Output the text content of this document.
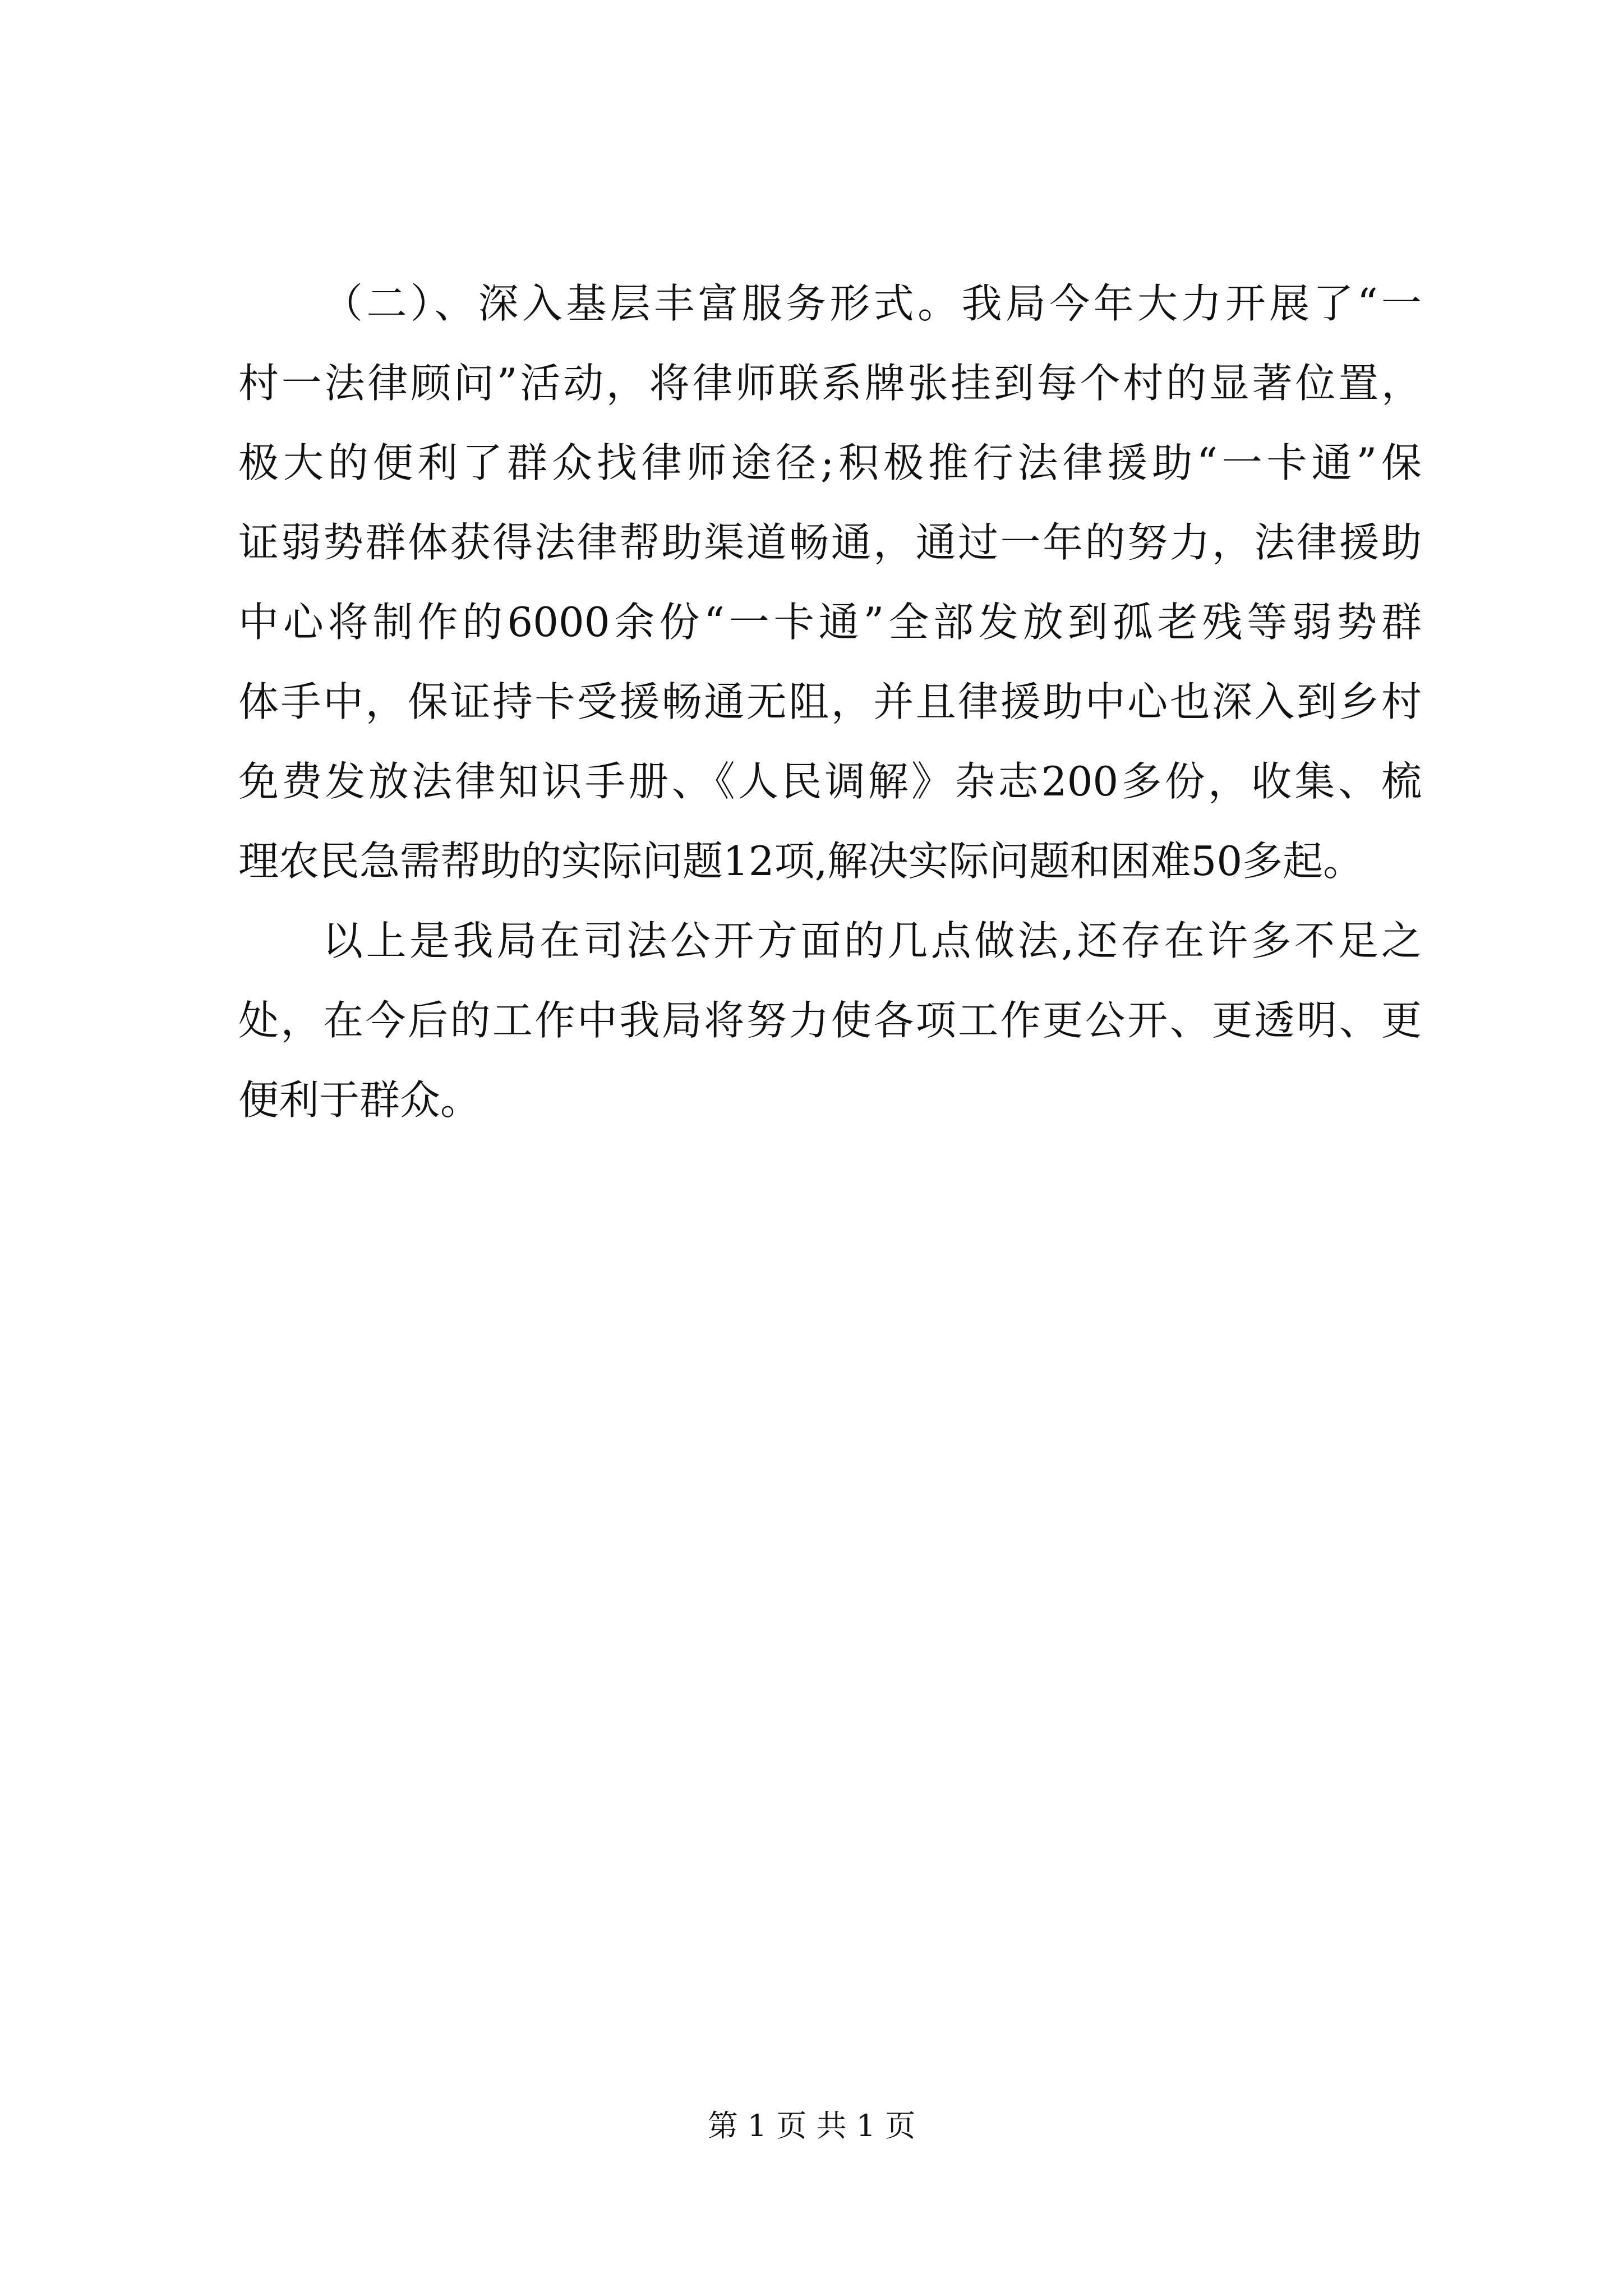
（二）、深入基层丰富服务形式。我局今年大力开展了“一
村一法律顾问”活动，将律师联系牌张挂到每个村的显著位置，
极大的便利了群众找律师途径;积极推行法律援助“一卡通”保
证弱势群体获得法律帮助渠道畅通，通过一年的努力，法律援助
中心将制作的6000余份“一卡通”全部发放到孤老残等弱势群
体手中，保证持卡受援畅通无阻，并且律援助中心也深入到乡村
免费发放法律知识手册、《人民调解》杂志200多份，收集、梳
理农民急需帮助的实际问题12项,解决实际问题和困难50多起。
以上是我局在司法公开方面的几点做法,还存在许多不足之
处，在今后的工作中我局将努力使各项工作更公开、更透明、更
便利于群众。
第 1 页 共 1 页
